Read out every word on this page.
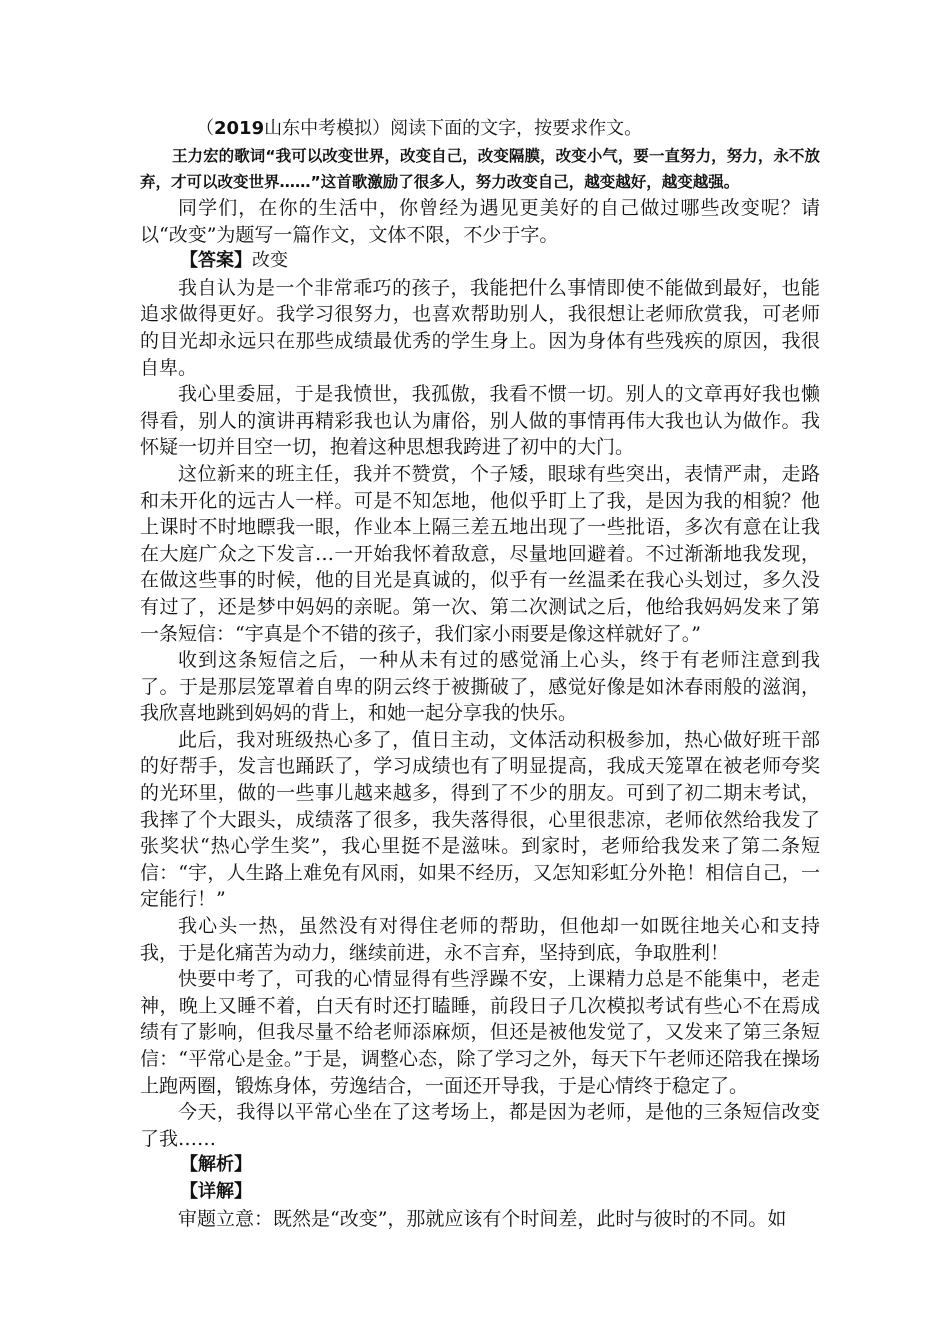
（2019山东中考模拟）阅读下面的文字，按要求作文。

王力宏的歌词“我可以改变世界，改变自己，改变隔膜，改变小气，要一直努力，努力，永不放弃，才可以改变世界……”这首歌激励了很多人，努力改变自己，越变越好，越变越强。

同学们，在你的生活中，你曾经为遇见更美好的自己做过哪些改变呢？请以“改变”为题写一篇作文，文体不限，不少于字。

【答案】改变

我自认为是一个非常乖巧的孩子，我能把什么事情即使不能做到最好，也能追求做得更好。我学习很努力，也喜欢帮助别人，我很想让老师欣赏我，可老师的目光却永远只在那些成绩最优秀的学生身上。因为身体有些残疾的原因，我很自卑。

我心里委屈，于是我愤世，我孤傲，我看不惯一切。别人的文章再好我也懒得看，别人的演讲再精彩我也认为庸俗，别人做的事情再伟大我也认为做作。我怀疑一切并目空一切，抱着这种思想我跨进了初中的大门。

这位新来的班主任，我并不赞赏，个子矮，眼球有些突出，表情严肃，走路和未开化的远古人一样。可是不知怎地，他似乎盯上了我，是因为我的相貌？他上课时不时地瞟我一眼，作业本上隔三差五地出现了一些批语，多次有意在让我在大庭广众之下发言…一开始我怀着敌意，尽量地回避着。不过渐渐地我发现，在做这些事的时候，他的目光是真诚的，似乎有一丝温柔在我心头划过，多久没有过了，还是梦中妈妈的亲昵。第一次、第二次测试之后，他给我妈妈发来了第一条短信：“宇真是个不错的孩子，我们家小雨要是像这样就好了。”

收到这条短信之后，一种从未有过的感觉涌上心头，终于有老师注意到我了。于是那层笼罩着自卑的阴云终于被撕破了，感觉好像是如沐春雨般的滋润，我欣喜地跳到妈妈的背上，和她一起分享我的快乐。

此后，我对班级热心多了，值日主动，文体活动积极参加，热心做好班干部的好帮手，发言也踊跃了，学习成绩也有了明显提高，我成天笼罩在被老师夸奖的光环里，做的一些事儿越来越多，得到了不少的朋友。可到了初二期末考试，我摔了个大跟头，成绩落了很多，我失落得很，心里很悲凉，老师依然给我发了张奖状“热心学生奖”，我心里挺不是滋味。到家时，老师给我发来了第二条短信：“宇，人生路上难免有风雨，如果不经历，又怎知彩虹分外艳！相信自己，一定能行！”

我心头一热，虽然没有对得住老师的帮助，但他却一如既往地关心和支持我，于是化痛苦为动力，继续前进，永不言弃，坚持到底，争取胜利！

快要中考了，可我的心情显得有些浮躁不安，上课精力总是不能集中，老走神，晚上又睡不着，白天有时还打瞌睡，前段日子几次模拟考试有些心不在焉成绩有了影响，但我尽量不给老师添麻烦，但还是被他发觉了，又发来了第三条短信：“平常心是金。”于是，调整心态，除了学习之外，每天下午老师还陪我在操场上跑两圈，锻炼身体，劳逸结合，一面还开导我，于是心情终于稳定了。

今天，我得以平常心坐在了这考场上，都是因为老师，是他的三条短信改变了我……

【解析】

【详解】

审题立意：既然是“改变”，那就应该有个时间差，此时与彼时的不同。如
